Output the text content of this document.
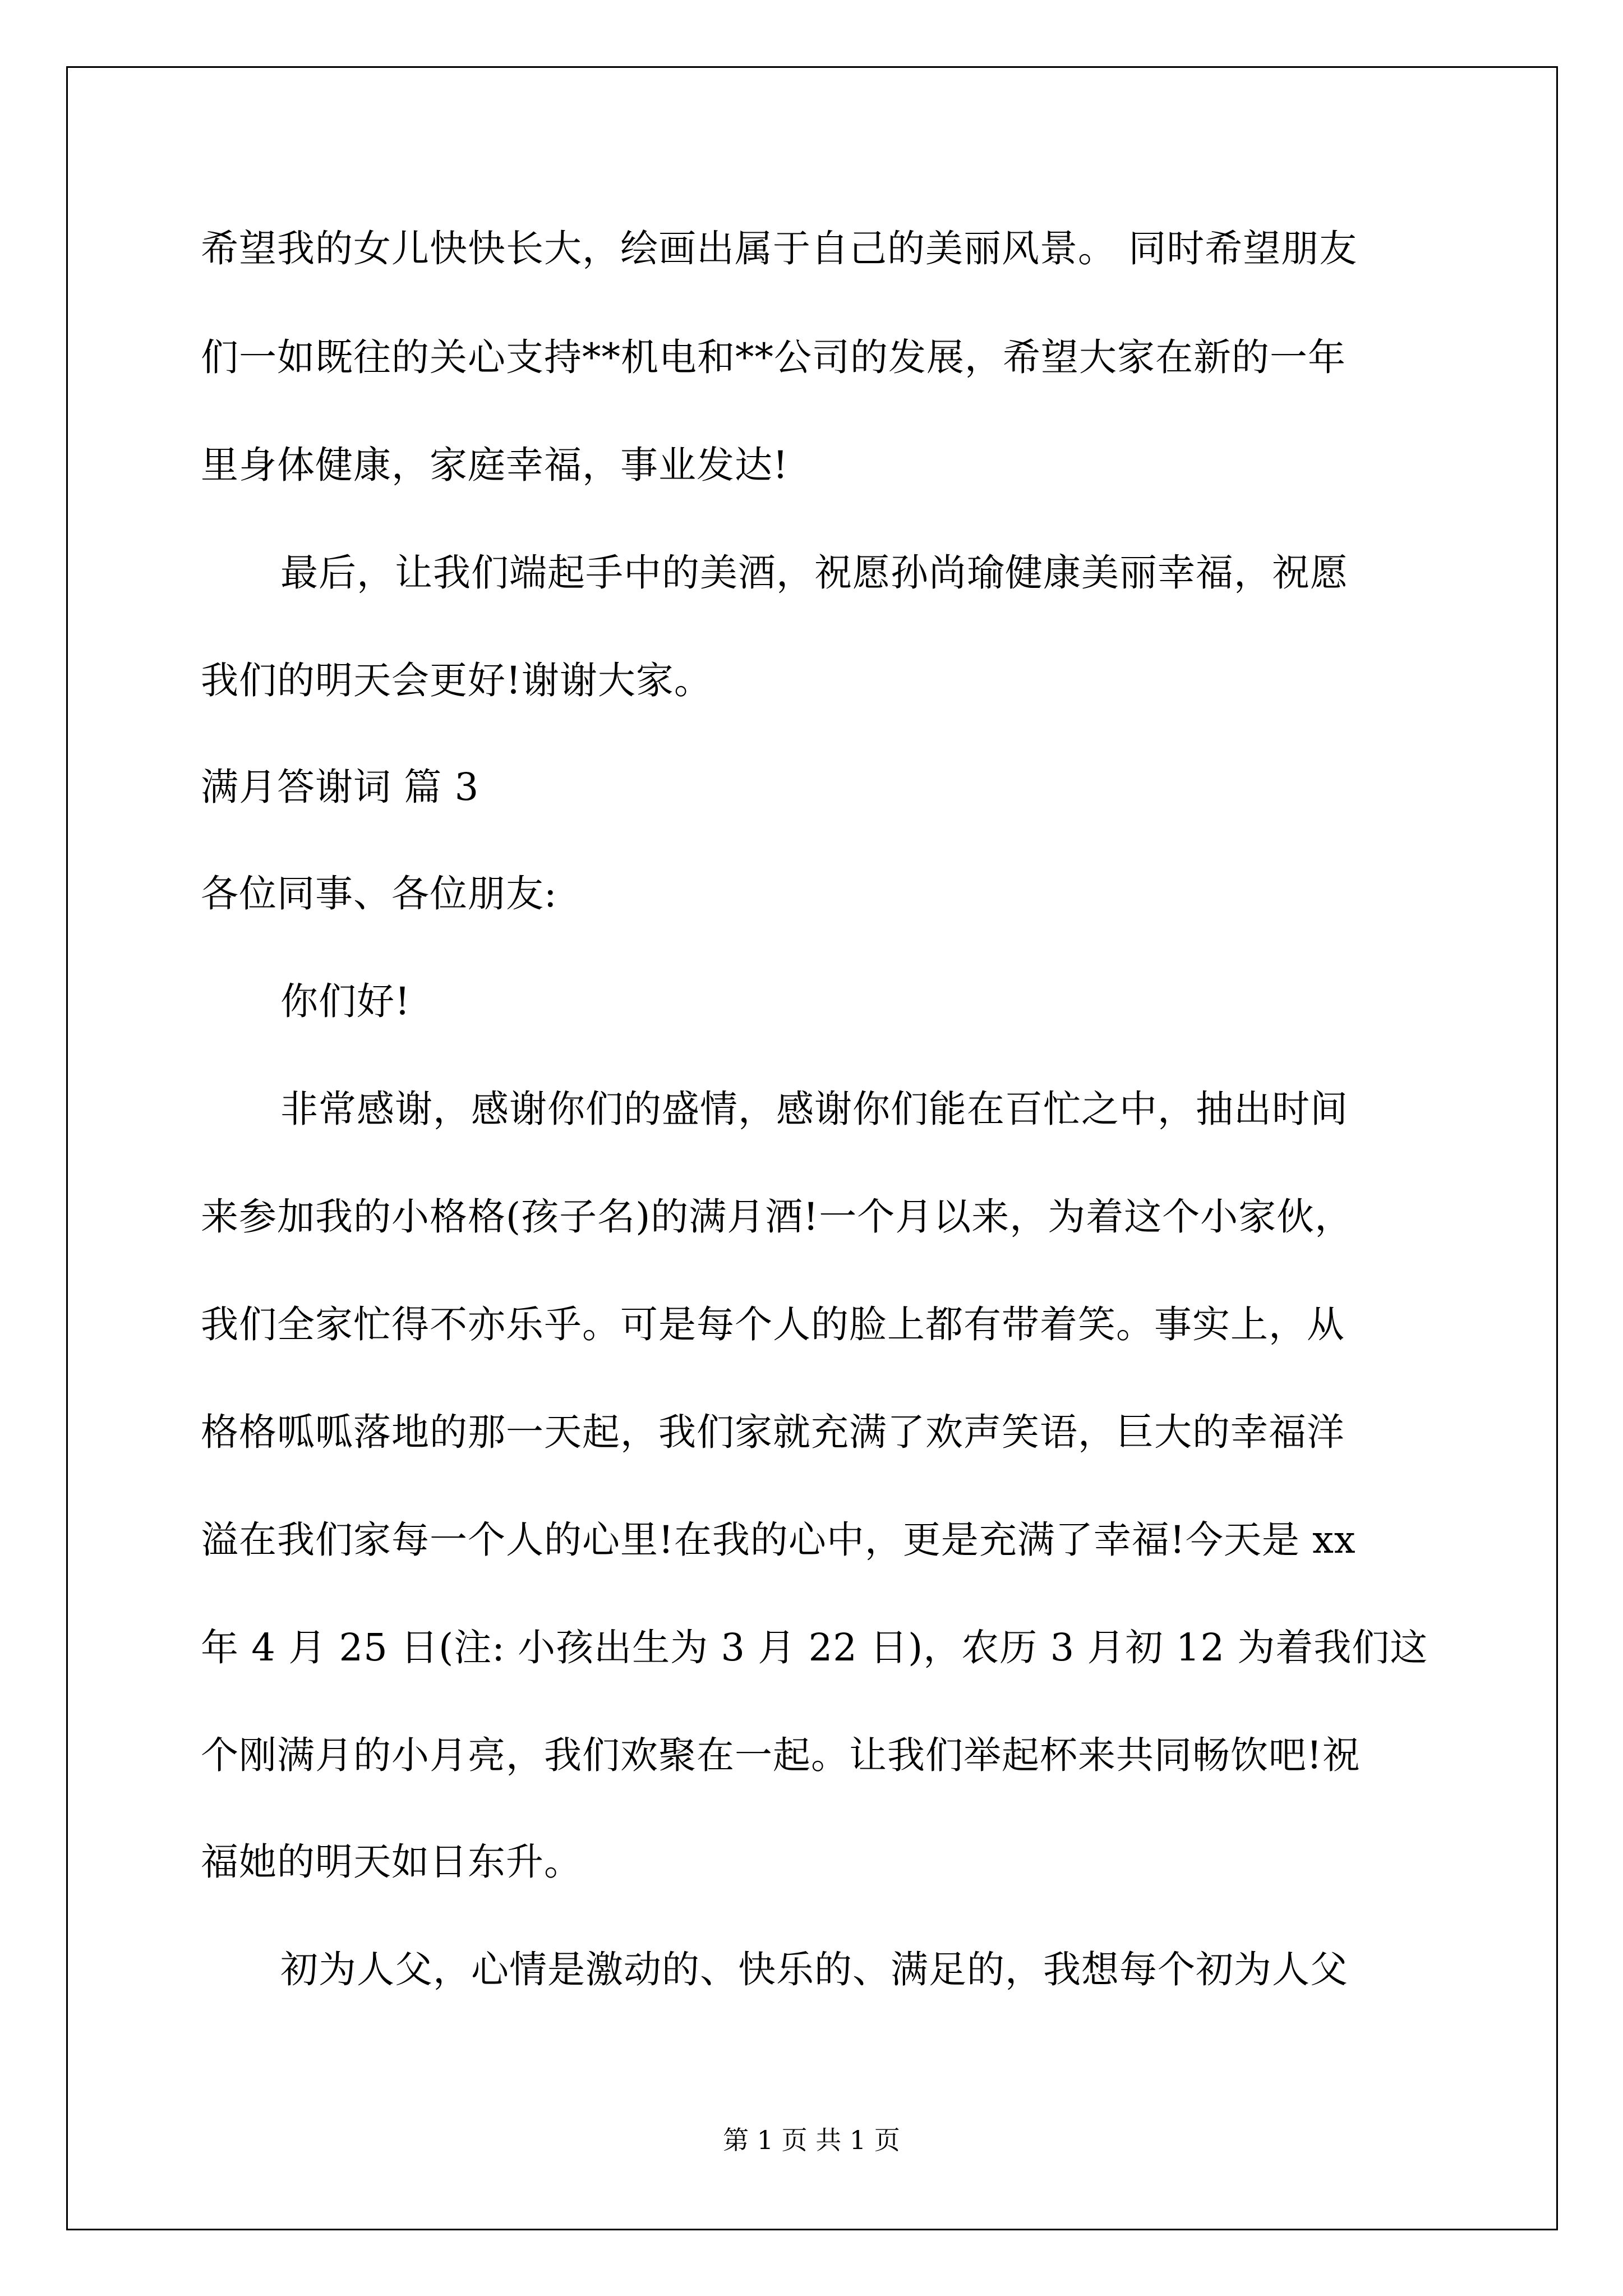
希望我的女儿快快长大，绘画出属于自己的美丽风景。 同时希望朋友
们一如既往的关心支持**机电和**公司的发展，希望大家在新的一年
里身体健康，家庭幸福，事业发达!
最后，让我们端起手中的美酒，祝愿孙尚瑜健康美丽幸福，祝愿
我们的明天会更好!谢谢大家。
满月答谢词 篇 3
各位同事、各位朋友:
你们好!
非常感谢，感谢你们的盛情，感谢你们能在百忙之中，抽出时间
来参加我的小格格(孩子名)的满月酒!一个月以来，为着这个小家伙，
我们全家忙得不亦乐乎。可是每个人的脸上都有带着笑。事实上，从
格格呱呱落地的那一天起，我们家就充满了欢声笑语，巨大的幸福洋
溢在我们家每一个人的心里!在我的心中，更是充满了幸福!今天是 xx
年 4 月 25 日(注: 小孩出生为 3 月 22 日)，农历 3 月初 12 为着我们这
个刚满月的小月亮，我们欢聚在一起。让我们举起杯来共同畅饮吧!祝
福她的明天如日东升。
初为人父，心情是激动的、快乐的、满足的，我想每个初为人父
第 1 页 共 1 页
